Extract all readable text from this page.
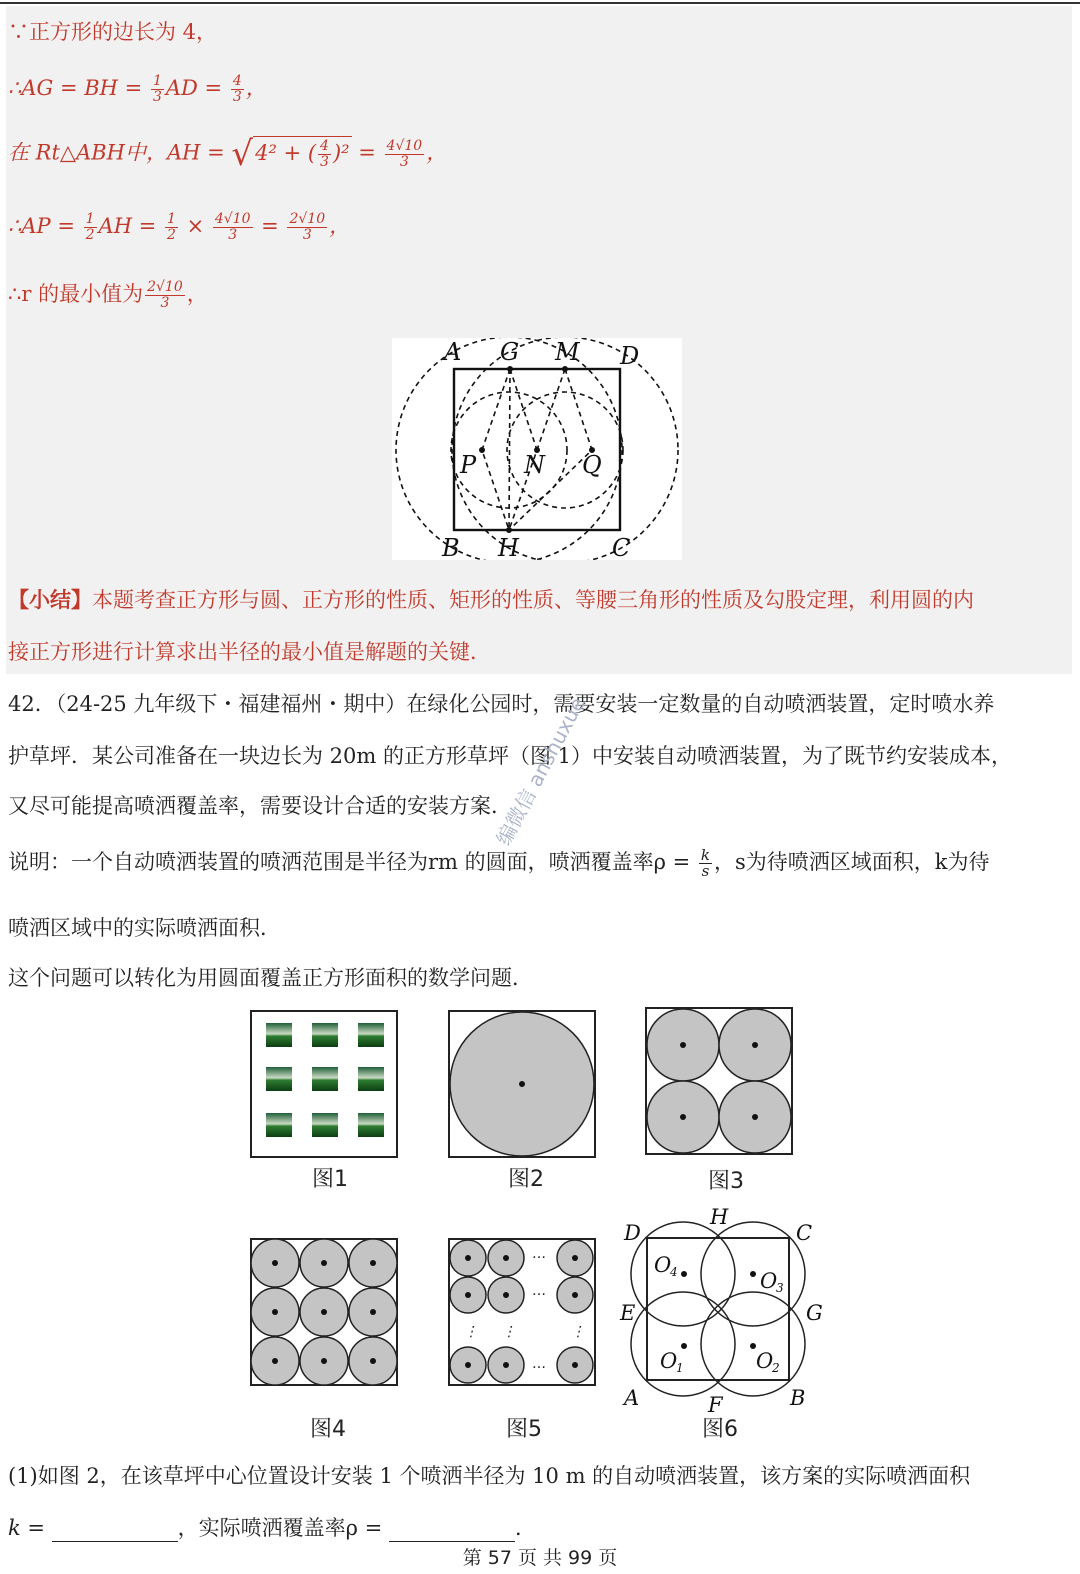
∵正方形的边长为 4，
∴AG = BH = $\frac{1}{3}$ AD = $\frac{4}{3}$ ，
在 Rt△ABH中，AH = √4² + ( $\frac{4}{3} )^2 = \frac{4√10}{3}$ ，
∴AP = $\frac{1}{2}$ AH = $\frac{1}{2} \times \frac{4√10}{3} = \frac{2√10}{3}$ ，
∴r 的最小值为 $\frac{2√10}{3}$ ，
A G M D
P N Q
B H	C
【小结】本题考查正方形与圆、正方形的性质、矩形的性质、等腰三角形的性质及勾股定理，利用圆的内
接正方形进行计算求出半径的最小值是解题的关键．
42．（24-25 九年级下・福建福州・期中）在绿化公园时，需要安装一定数量的自动喷洒装置，定时喷水养
护草坪．某公司准备在一块边长为 20m 的正方形草坪（图 1）中安装自动喷洒装置，为了既节约安装成本，
又尽可能提高喷洒覆盖率，需要设计合适的安装方案．
说明：一个自动喷洒装置的喷洒范围是半径为rm 的圆面，喷洒覆盖率$\rho = \frac{k}{s}$ ，s为待喷洒区域面积，k为待
喷洒区域中的实际喷洒面积．
这个问题可以转化为用圆面覆盖正方形面积的数学问题．
编微信 anshuxue
图1	图2	图3
图4
…
…
…
⋮ ⋮	⋮
图5
D
H
C
E	G
A	F	B
O
O
O	O
4
3
1	2
图6
(1)如图 2，在该草坪中心位置设计安装 1 个喷洒半径为 10 m 的自动喷洒装置，该方案的实际喷洒面积
k =	，实际喷洒覆盖率ρ =	．
第 57 页 共 99 页
